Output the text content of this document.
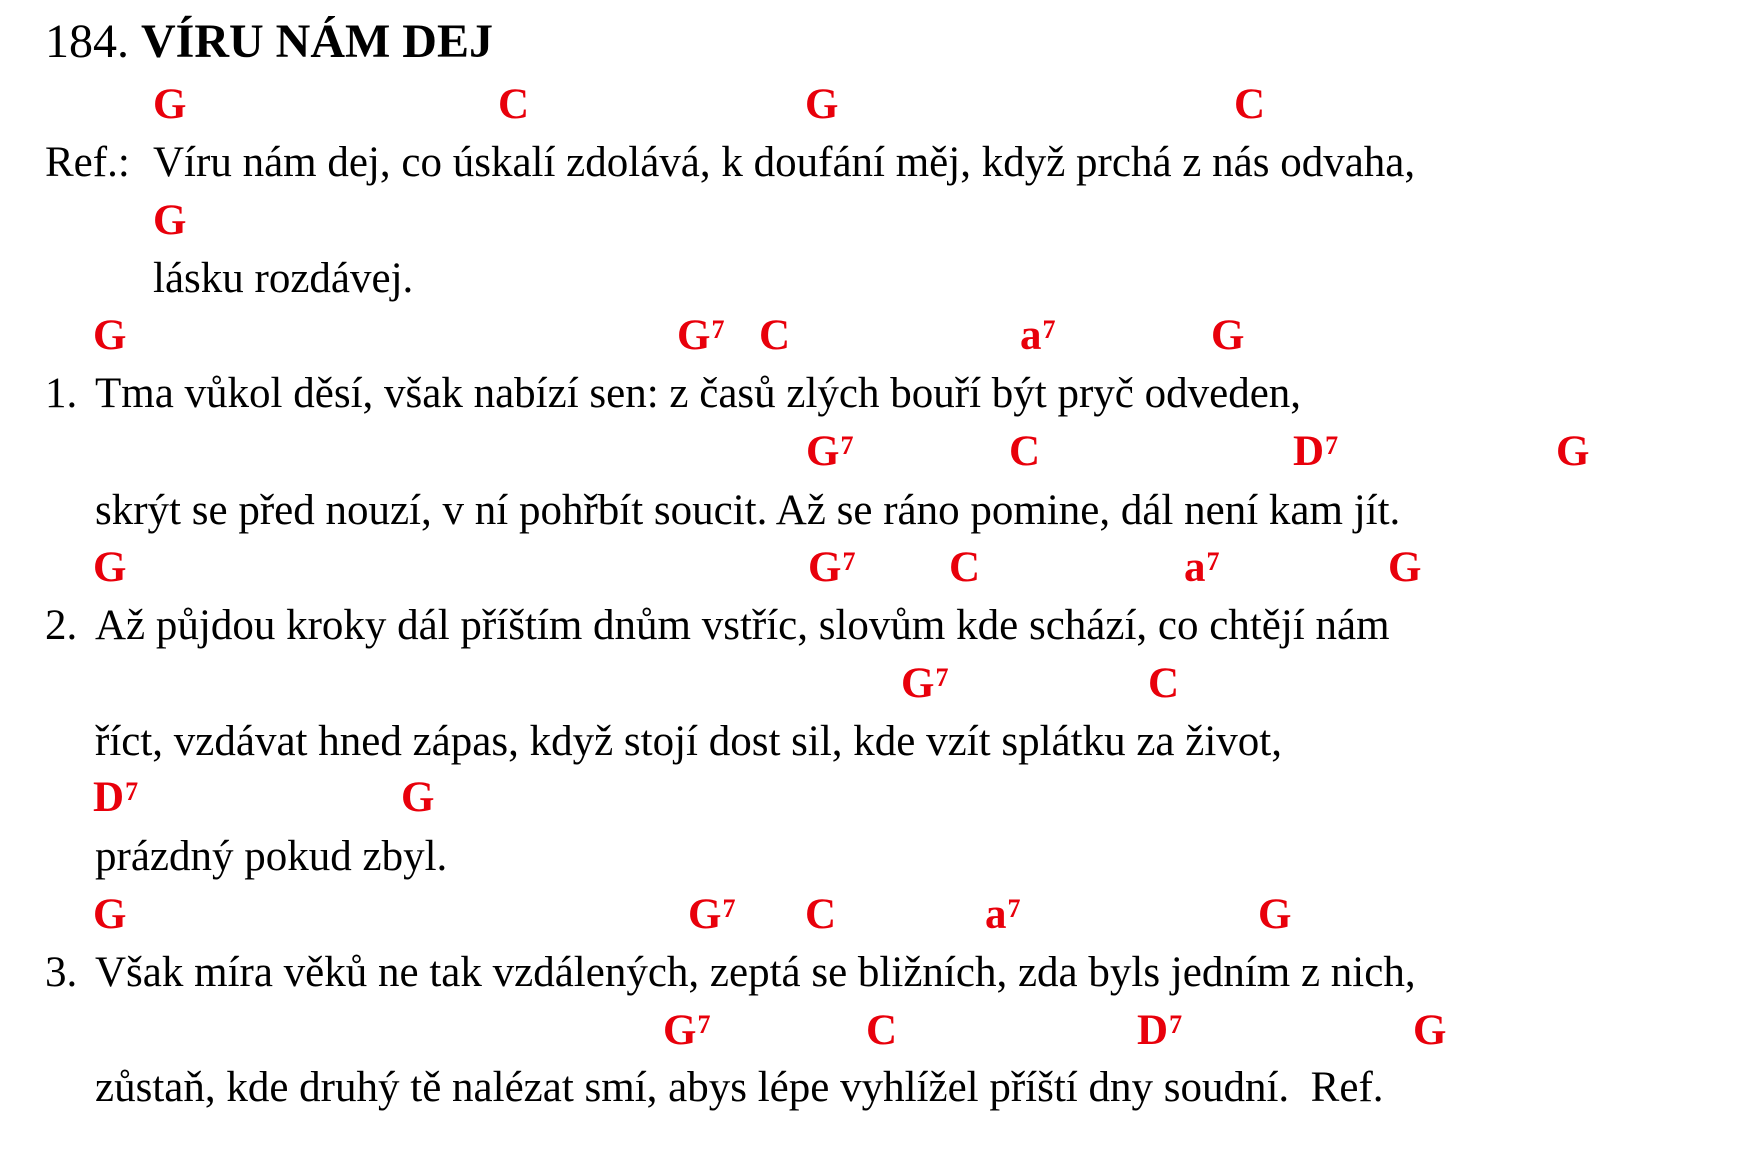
184. VÍRU NÁM DEJ
G	C	G	C
Ref.: Víru nám dej, co úskalí zdolává, k doufání měj, když prchá z nás odvaha,
G
lásku rozdávej.
G	$G^7$ C	$a^7$	G
1. Tma vůkol děsí, však nabízí sen: z časů zlých bouří být pryč odveden,
$G^7$	C	$D^7$	G
skrýt se před nouzí, v ní pohřbít soucit. Až se ráno pomine, dál není kam jít.
G	$G^7$ C	$a^7$	G
2. Až půjdou kroky dál příštím dnům vstříc, slovům kde schází, co chtějí nám
$G^7$	C
říct, vzdávat hned zápas, když stojí dost sil, kde vzít splátku za život,
$D^7$	G
prázdný pokud zbyl.
G	$G^7$ C	$a^7$	G
3. Však míra věků ne tak vzdálených, zeptá se bližních, zda byls jedním z nich,
$G^7$	C	$D^7$	G
zůstaň, kde druhý tě nalézat smí, abys lépe vyhlížel příští dny soudní.  Ref.
